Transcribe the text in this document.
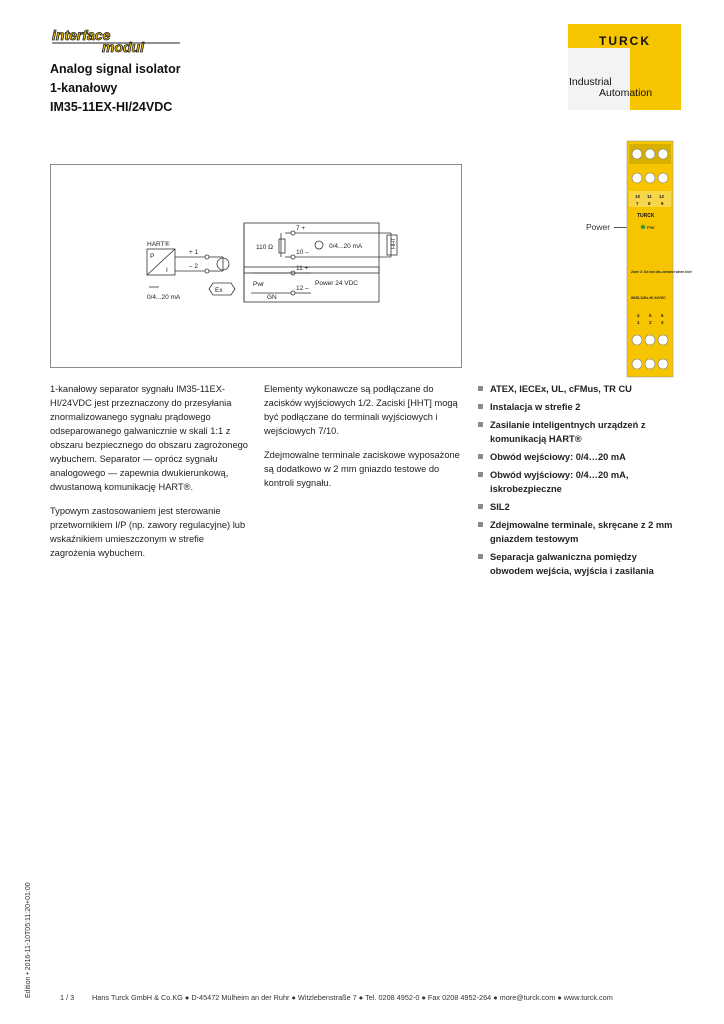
interface
modul
Analog signal isolator
1-kanałowy
IM35-11EX-HI/24VDC
TURCK
Industrial
Automation
HART®
P
I
+ 1
– 2
0/4...20 mA
Ex
110 Ω
7 +
10 –
0/4...20 mA	HHT
11 +
12 –
Pwr
GN
Power 24 VDC
Power
10 11 12
7 8 9
TURCK
Pwr
Zone 2: Do not dis-connect when live!
IM35-11Ex-Hi 24VDC
4 5 6
1 2 3

1-kanałowy separator sygnału IM35-11EX-HI/24VDC jest przeznaczony do przesyłania znormalizowanego sygnału prądowego odseparowanego galwanicznie w skali 1:1 z obszaru bezpiecznego do obszaru zagrożonego wybuchem. Separator — oprócz sygnału analogowego — zapewnia dwukierunkową, dwustanową komunikację HART®.

Typowym zastosowaniem jest sterowanie przetwornikiem I/P (np. zawory regulacyjne) lub wskaźnikiem umieszczonym w strefie zagrożenia wybuchem.

Elementy wykonawcze są podłączane do zacisków wyjściowych 1/2. Zaciski [HHT] mogą być podłączane do terminali wyjściowych i wejściowych 7/10.

Zdejmowalne terminale zaciskowe wyposażone są dodatkowo w 2 mm gniazdo testowe do kontroli sygnału.

ATEX, IECEx, UL, cFMus, TR CU
Instalacja w strefie 2
Zasilanie inteligentnych urządzeń z komunikacją HART®
Obwód wejściowy: 0/4…20 mA
Obwód wyjściowy: 0/4…20 mA, iskrobezpieczne
SIL2
Zdejmowalne terminale, skręcane z 2 mm gniazdem testowym
Separacja galwaniczna pomiędzy obwodem wejścia, wyjścia i zasilania
Edition • 2016-11-10T05:11:20+01:00	1 / 3 Hans Turck GmbH & Co.KG ● D-45472 Mülheim an der Ruhr ● Witzlebenstraße 7 ● Tel. 0208 4952-0 ● Fax 0208 4952-264 ● more@turck.com ● www.turck.com
